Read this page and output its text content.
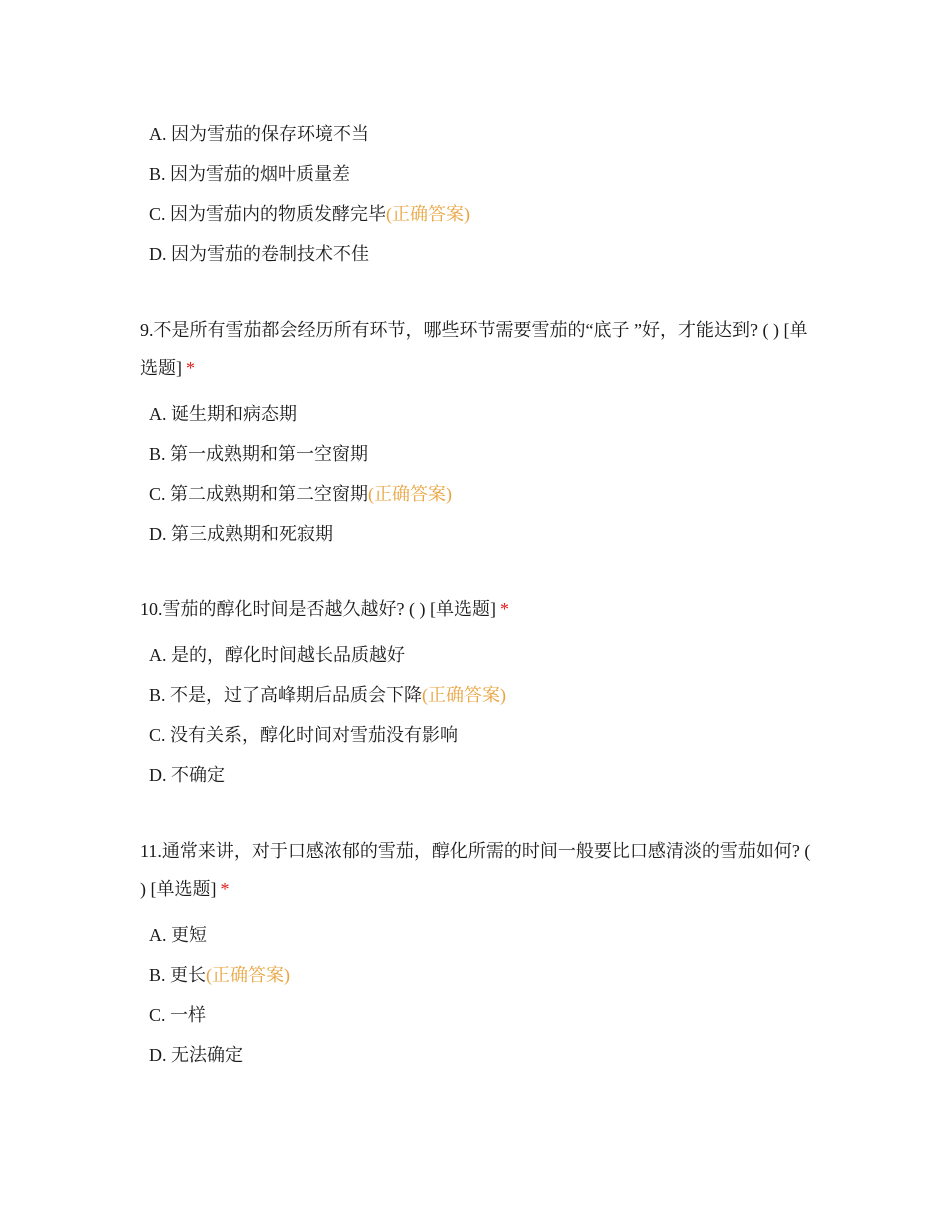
A. 因为雪茄的保存环境不当
B. 因为雪茄的烟叶质量差
C. 因为雪茄内的物质发酵完毕(正确答案)
D. 因为雪茄的卷制技术不佳

9.不是所有雪茄都会经历所有环节，哪些环节需要雪茄的“底子 ”好，才能达到? ( ) [单选题] *

A. 诞生期和病态期
B. 第一成熟期和第一空窗期
C. 第二成熟期和第二空窗期(正确答案)
D. 第三成熟期和死寂期

10.雪茄的醇化时间是否越久越好? ( ) [单选题] *

A. 是的，醇化时间越长品质越好
B. 不是，过了高峰期后品质会下降(正确答案)
C. 没有关系，醇化时间对雪茄没有影响
D. 不确定

11.通常来讲，对于口感浓郁的雪茄，醇化所需的时间一般要比口感清淡的雪茄如何? ( ) [单选题] *

A. 更短
B. 更长(正确答案)
C. 一样
D. 无法确定
